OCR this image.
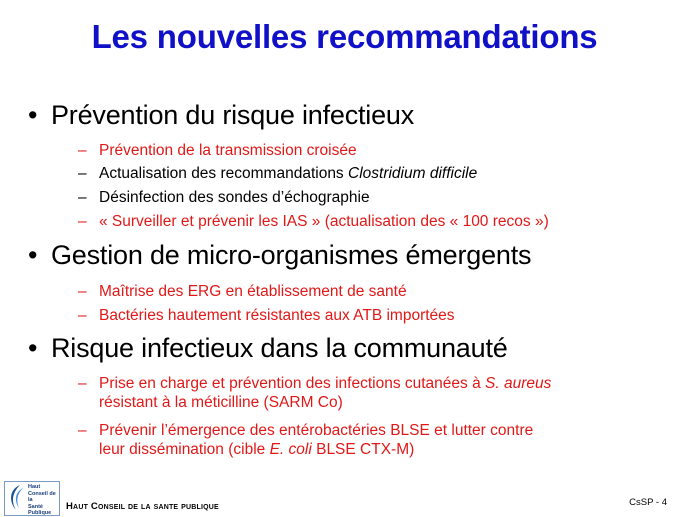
Les nouvelles recommandations
• Prévention du risque infectieux
– Prévention de la transmission croisée
– Actualisation des recommandations Clostridium difficile
– Désinfection des sondes d’échographie
– « Surveiller et prévenir les IAS » (actualisation des « 100 recos »)
• Gestion de micro-organismes émergents
– Maîtrise des ERG en établissement de santé
– Bactéries hautement résistantes aux ATB importées
• Risque infectieux dans la communauté
– Prise en charge et prévention des infections cutanées à S. aureus
résistant à la méticilline (SARM Co)
– Prévenir l’émergence des entérobactéries BLSE et lutter contre
leur dissémination (cible E. coli BLSE CTX-M)
Haut
Conseil de la
Santé
Publique
Haut Conseil de la sante publique	CsSP - 4
